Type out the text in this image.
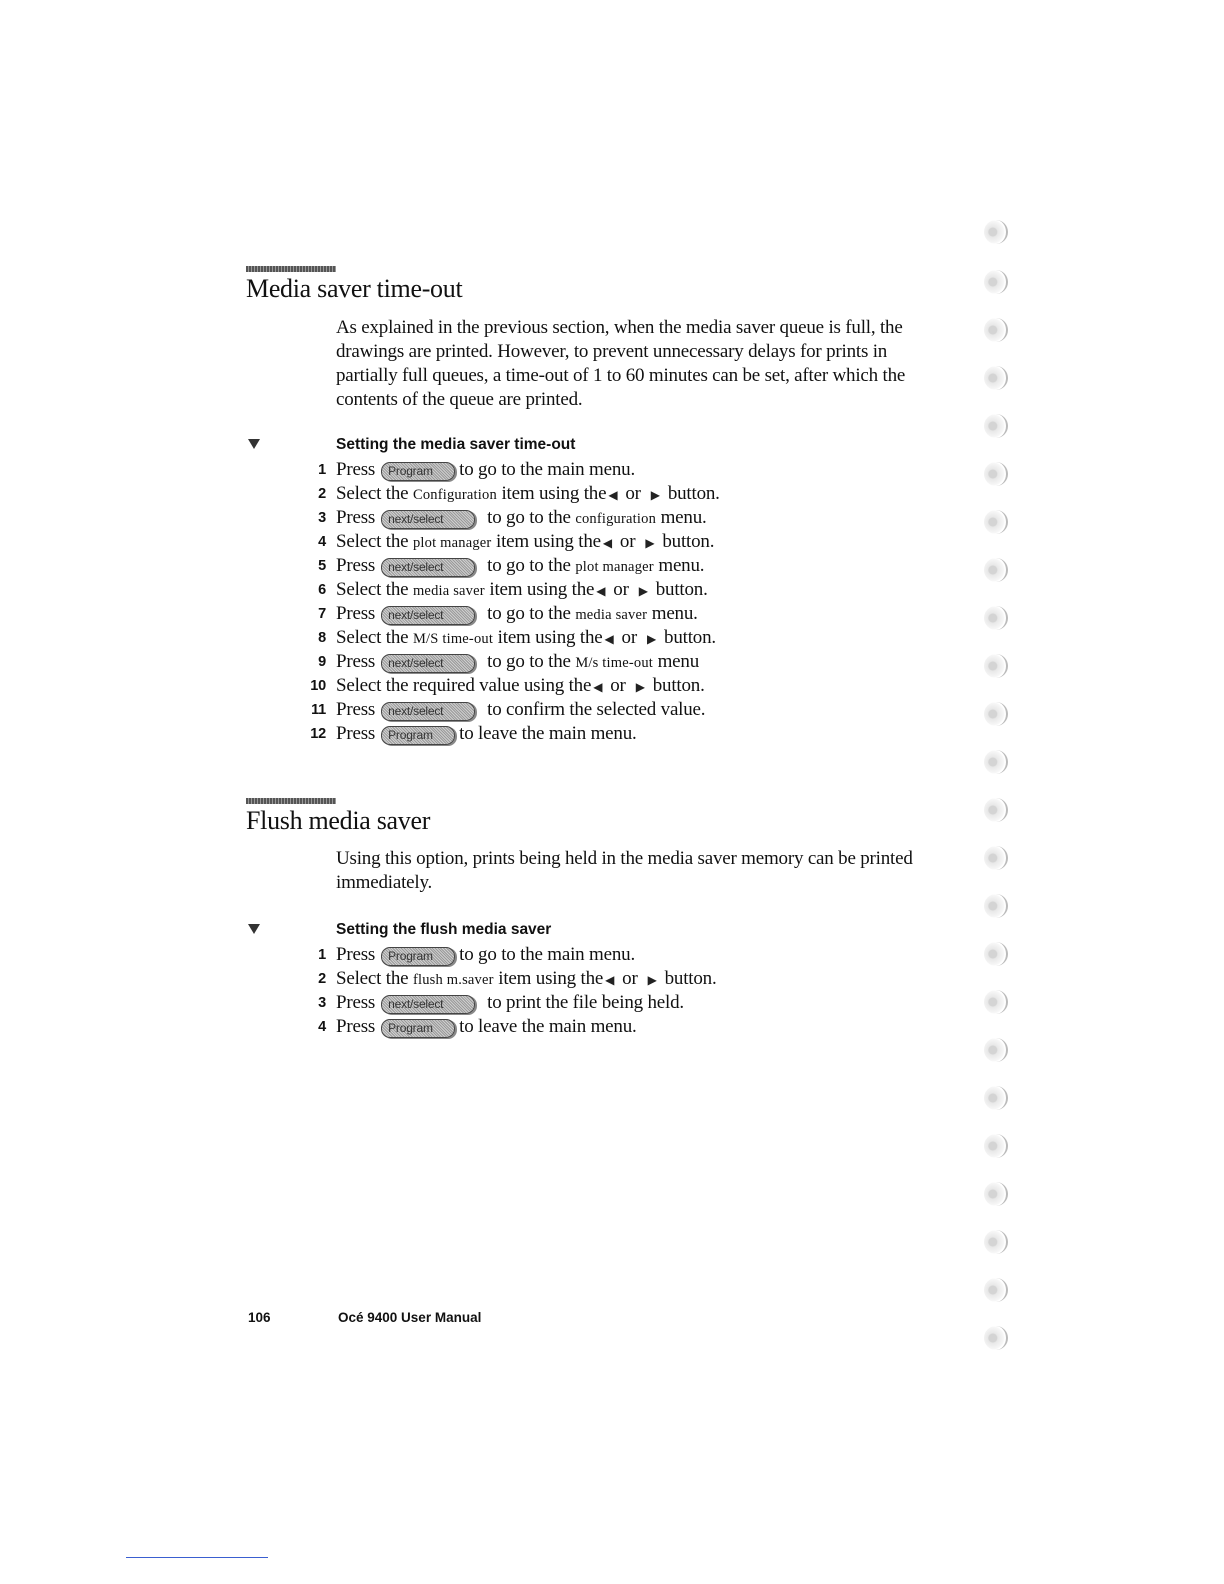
Media saver time-out

As explained in the previous section, when the media saver queue is full, the drawings are printed. However, to prevent unnecessary delays for prints in partially full queues, a time-out of 1 to 60 minutes can be set, after which the contents of the queue are printed.

Setting the media saver time-out
1 Press Program to go to the main menu.
2 Select the Configuration item using the ◀ or ▶ button.
3 Press next/select to go to the configuration menu.
4 Select the plot manager item using the ◀ or ▶ button.
5 Press next/select to go to the plot manager menu.
6 Select the media saver item using the ◀ or ▶ button.
7 Press next/select to go to the media saver menu.
8 Select the M/S time-out item using the ◀ or ▶ button.
9 Press next/select to go to the M/s time-out menu
10 Select the required value using the ◀ or ▶ button.
11 Press next/select to confirm the selected value.
12 Press Program to leave the main menu.
Flush media saver

Using this option, prints being held in the media saver memory can be printed immediately.

Setting the flush media saver
1 Press Program to go to the main menu.
2 Select the flush m.saver item using the ◀ or ▶ button.
3 Press next/select to print the file being held.
4 Press Program to leave the main menu.
106	Océ 9400 User Manual
